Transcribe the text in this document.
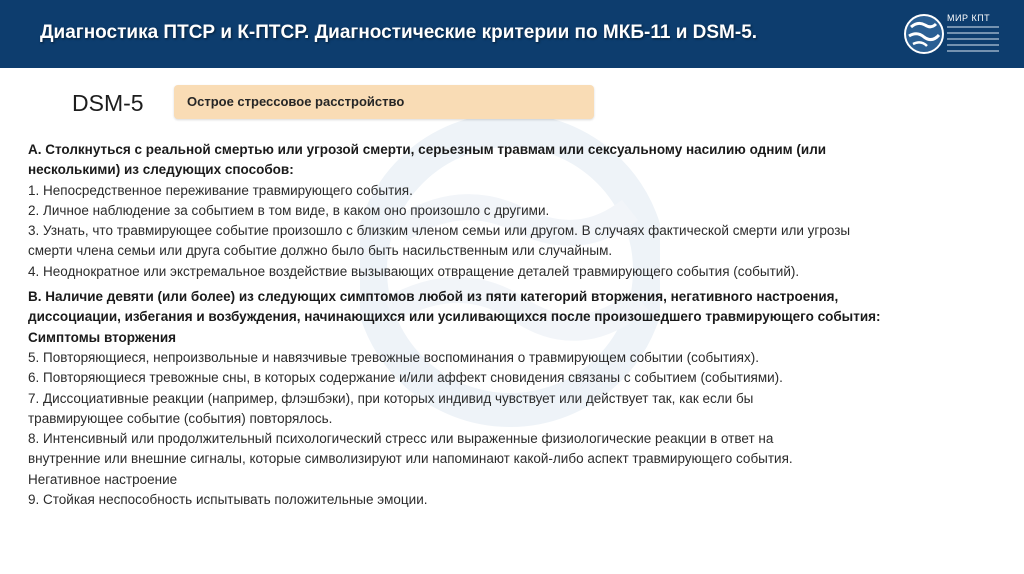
Диагностика ПТСР и К-ПТСР. Диагностические критерии по МКБ-11 и DSM-5.
МИР КПТ
DSM-5	Острое стрессовое расстройство

А. Столкнуться с реальной смертью или угрозой смерти, серьезным травмам или сексуальному насилию одним (или

несколькими) из следующих способов:

1. Непосредственное переживание травмирующего события.

2. Личное наблюдение за событием в том виде, в каком оно произошло с другими.

3. Узнать, что травмирующее событие произошло с близким членом семьи или другом. В случаях фактической смерти или угрозы

смерти члена семьи или друга событие должно было быть насильственным или случайным.

4. Неоднократное или экстремальное воздействие вызывающих отвращение деталей травмирующего события (событий).

B. Наличие девяти (или более) из следующих симптомов любой из пяти категорий вторжения, негативного настроения,

диссоциации, избегания и возбуждения, начинающихся или усиливающихся после произошедшего травмирующего события:

Симптомы вторжения

5. Повторяющиеся, непроизвольные и навязчивые тревожные воспоминания о травмирующем событии (событиях).

6. Повторяющиеся тревожные сны, в которых содержание и/или аффект сновидения связаны с событием (событиями).

7. Диссоциативные реакции (например, флэшбэки), при которых индивид чувствует или действует так, как если бы

травмирующее событие (события) повторялось.

8. Интенсивный или продолжительный психологический стресс или выраженные физиологические реакции в ответ на

внутренние или внешние сигналы, которые символизируют или напоминают какой-либо аспект травмирующего события.

Негативное настроение

9. Стойкая неспособность испытывать положительные эмоции.
